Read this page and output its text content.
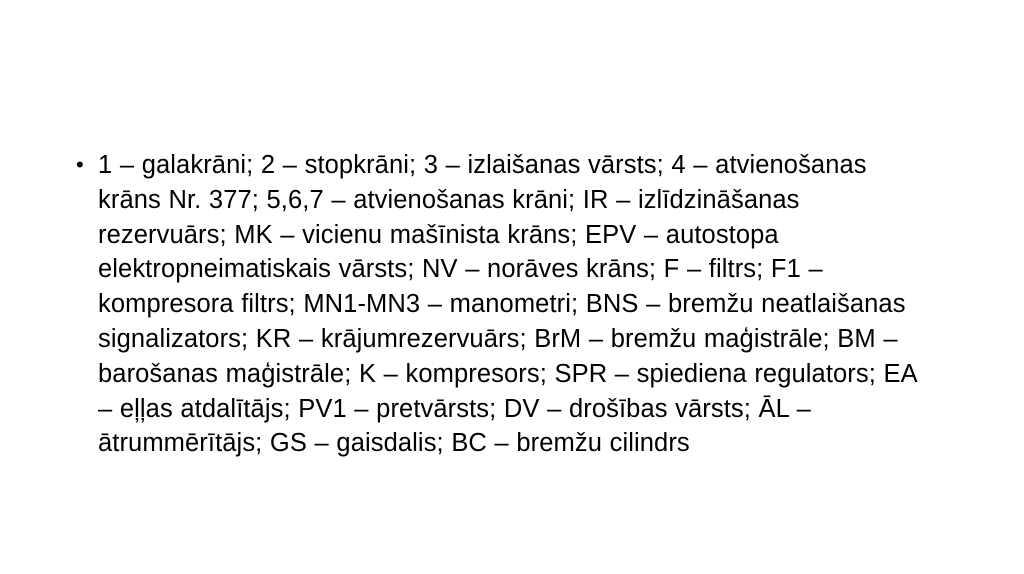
• 1 – galakrāni; 2 – stopkrāni; 3 – izlaišanas vārsts; 4 – atvienošanas krāns Nr. 377; 5,6,7 – atvienošanas krāni; IR – izlīdzināšanas rezervuārs; MK – vicienu mašīnista krāns; EPV – autostopa elektropneimatiskais vārsts; NV – norāves krāns; F – filtrs; F1 – kompresora filtrs; MN1-MN3 – manometri; BNS – bremžu neatlaišanas signalizators; KR – krājumrezervuārs; BrM – bremžu maģistrāle; BM – barošanas maģistrāle; K – kompresors; SPR – spiediena regulators; EA – eļļas atdalītājs; PV1 – pretvārsts; DV – drošības vārsts; ĀL – ātrummērītājs; GS – gaisdalis; BC – bremžu cilindrs
